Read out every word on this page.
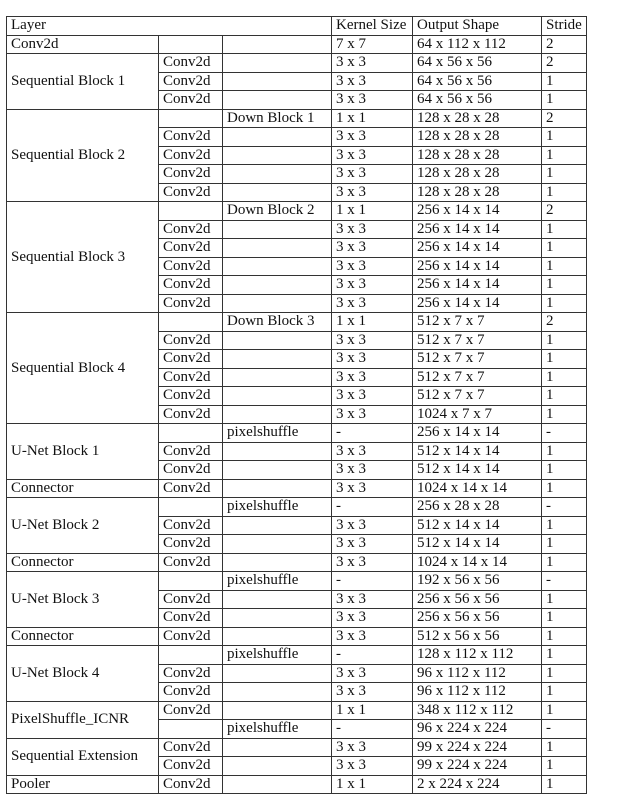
Layer			Kernel Size	Output Shape	Stride
Conv2d			7 x 7	64 x 112 x 112	2
Sequential Block 1	Conv2d		3 x 3	64 x 56 x 56	2
	Conv2d		3 x 3	64 x 56 x 56	1
	Conv2d		3 x 3	64 x 56 x 56	1
Sequential Block 2		Down Block 1	1 x 1	128 x 28 x 28	2
	Conv2d		3 x 3	128 x 28 x 28	1
	Conv2d		3 x 3	128 x 28 x 28	1
	Conv2d		3 x 3	128 x 28 x 28	1
	Conv2d		3 x 3	128 x 28 x 28	1
Sequential Block 3		Down Block 2	1 x 1	256 x 14 x 14	2
	Conv2d		3 x 3	256 x 14 x 14	1
	Conv2d		3 x 3	256 x 14 x 14	1
	Conv2d		3 x 3	256 x 14 x 14	1
	Conv2d		3 x 3	256 x 14 x 14	1
	Conv2d		3 x 3	256 x 14 x 14	1
Sequential Block 4		Down Block 3	1 x 1	512 x 7 x 7	2
	Conv2d		3 x 3	512 x 7 x 7	1
	Conv2d		3 x 3	512 x 7 x 7	1
	Conv2d		3 x 3	512 x 7 x 7	1
	Conv2d		3 x 3	512 x 7 x 7	1
	Conv2d		3 x 3	1024 x 7 x 7	1
U-Net Block 1		pixelshuffle	-	256 x 14 x 14	-
	Conv2d		3 x 3	512 x 14 x 14	1
	Conv2d		3 x 3	512 x 14 x 14	1
Connector	Conv2d		3 x 3	1024 x 14 x 14	1
U-Net Block 2		pixelshuffle	-	256 x 28 x 28	-
	Conv2d		3 x 3	512 x 14 x 14	1
	Conv2d		3 x 3	512 x 14 x 14	1
Connector	Conv2d		3 x 3	1024 x 14 x 14	1
U-Net Block 3		pixelshuffle	-	192 x 56 x 56	-
	Conv2d		3 x 3	256 x 56 x 56	1
	Conv2d		3 x 3	256 x 56 x 56	1
Connector	Conv2d		3 x 3	512 x 56 x 56	1
U-Net Block 4		pixelshuffle	-	128 x 112 x 112	1
	Conv2d		3 x 3	96 x 112 x 112	1
	Conv2d		3 x 3	96 x 112 x 112	1
PixelShuffle_ICNR	Conv2d		1 x 1	348 x 112 x 112	1
		pixelshuffle	-	96 x 224 x 224	-
Sequential Extension	Conv2d		3 x 3	99 x 224 x 224	1
	Conv2d		3 x 3	99 x 224 x 224	1
Pooler	Conv2d		1 x 1	2 x 224 x 224	1
